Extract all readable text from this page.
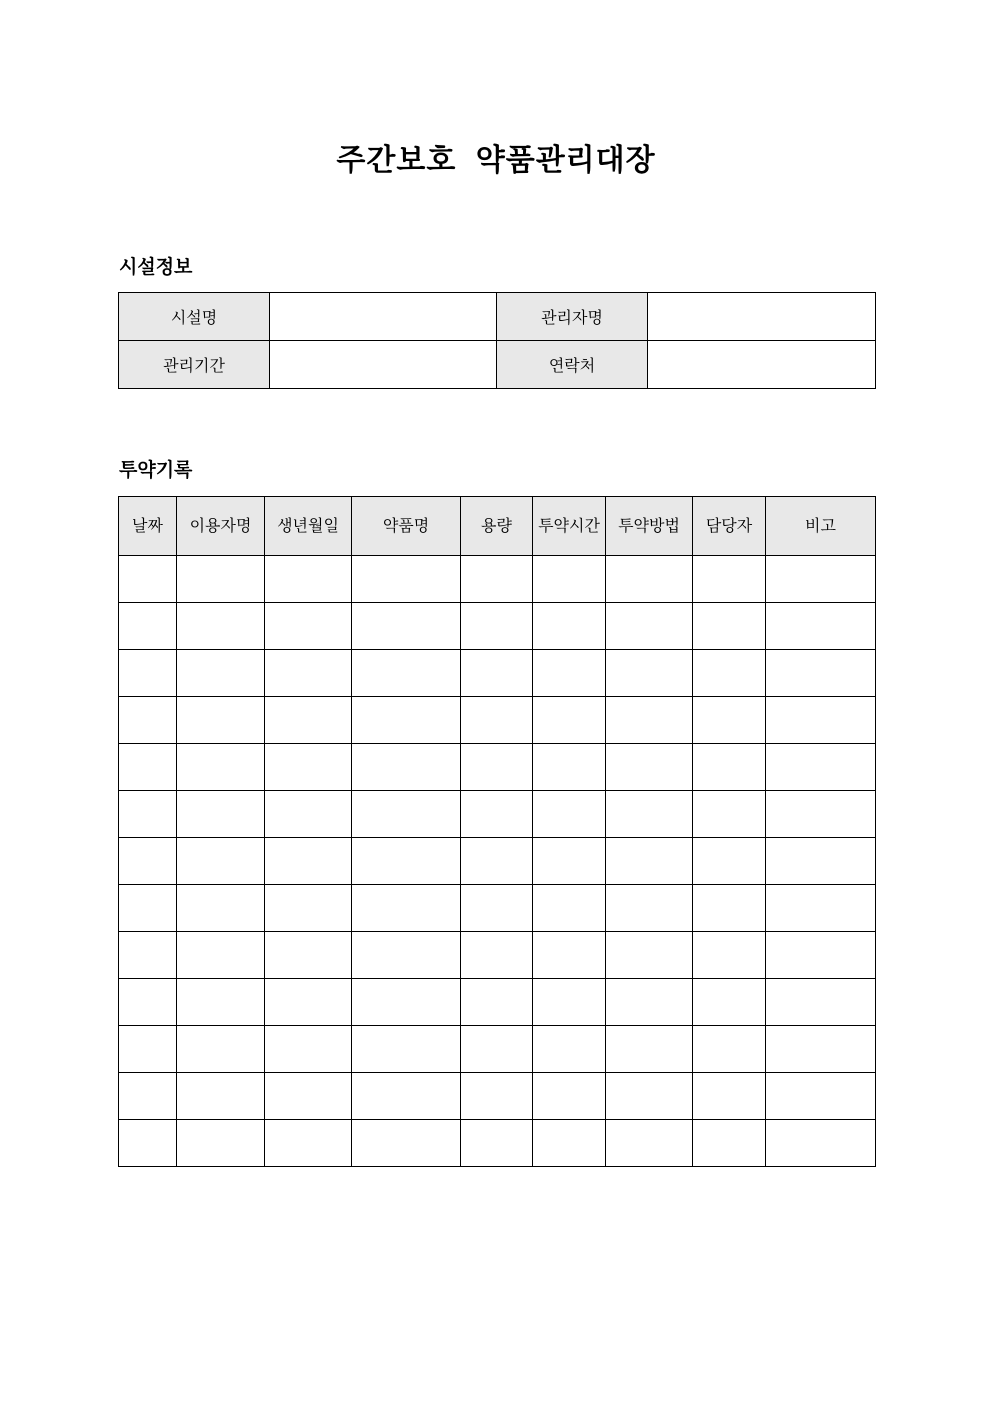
주간보호 약품관리대장
시설정보
시설명		관리자명	
관리기간		연락처	
투약기록
날짜	이용자명	생년월일	약품명	용량	투약시간	투약방법	담당자	비고
